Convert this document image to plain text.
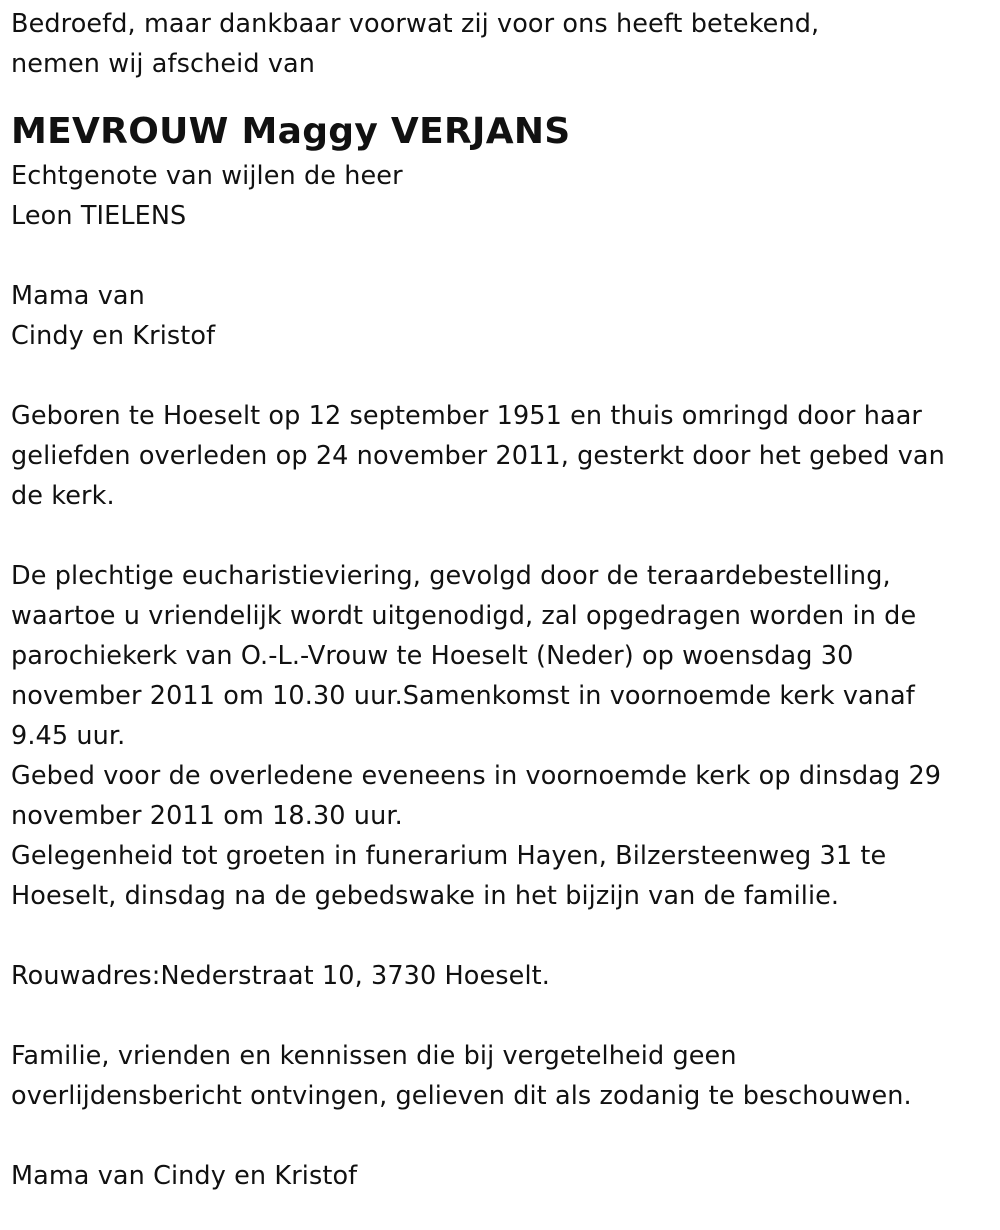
Bedroefd, maar dankbaar voorwat zij voor ons heeft betekend,
nemen wij afscheid van
MEVROUW Maggy VERJANS
Echtgenote van wijlen de heer
Leon TIELENS
Mama van
Cindy en Kristof
Geboren te Hoeselt op 12 september 1951 en thuis omringd door haar
geliefden overleden op 24 november 2011, gesterkt door het gebed van
de kerk.
De plechtige eucharistieviering, gevolgd door de teraardebestelling,
waartoe u vriendelijk wordt uitgenodigd, zal opgedragen worden in de
parochiekerk van O.-L.-Vrouw te Hoeselt (Neder) op woensdag 30
november 2011 om 10.30 uur.Samenkomst in voornoemde kerk vanaf
9.45 uur.
Gebed voor de overledene eveneens in voornoemde kerk op dinsdag 29
november 2011 om 18.30 uur.
Gelegenheid tot groeten in funerarium Hayen, Bilzersteenweg 31 te
Hoeselt, dinsdag na de gebedswake in het bijzijn van de familie.
Rouwadres:Nederstraat 10, 3730 Hoeselt.
Familie, vrienden en kennissen die bij vergetelheid geen
overlijdensbericht ontvingen, gelieven dit als zodanig te beschouwen.
Mama van Cindy en Kristof
